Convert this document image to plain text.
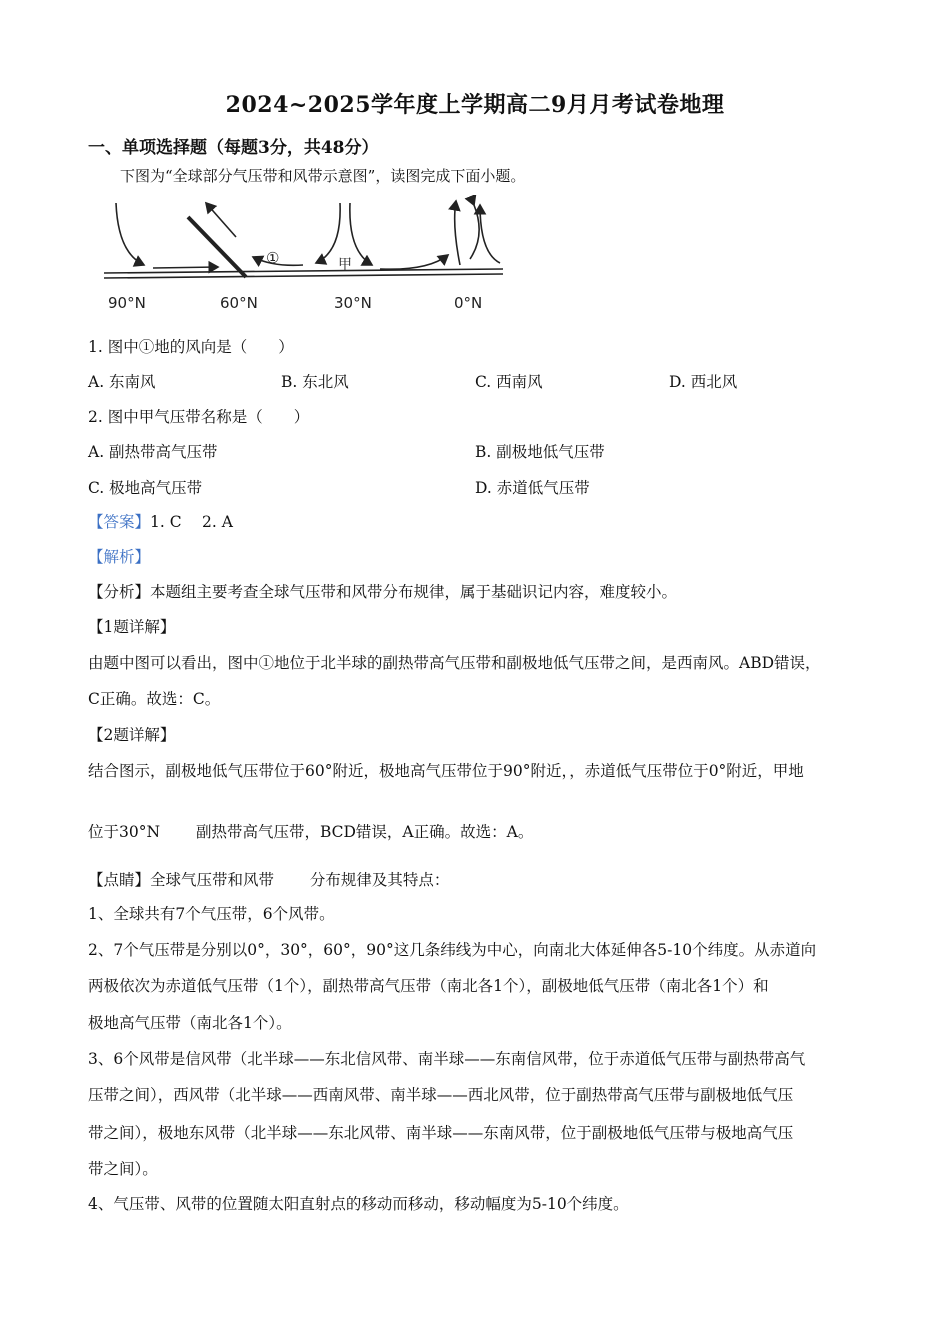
2024~2025学年度上学期高二9月月考试卷地理
一、单项选择题（每题3分，共48分）
下图为“全球部分气压带和风带示意图”，读图完成下面小题。
①	甲
90°N	60°N	30°N	0°N
1. 图中①地的风向是（　　）
A. 东南风	B. 东北风	C. 西南风	D. 西北风
2. 图中甲气压带名称是（　　）
A. 副热带高气压带	B. 副极地低气压带
C. 极地高气压带	D. 赤道低气压带
【答案】1. C　 2. A
【解析】
【分析】本题组主要考查全球气压带和风带分布规律，属于基础识记内容，难度较小。
【1题详解】
由题中图可以看出，图中①地位于北半球的副热带高气压带和副极地低气压带之间，是西南风。ABD错误，
C正确。故选：C。
【2题详解】
结合图示，副极地低气压带位于60°附近，极地高气压带位于90°附近，，赤道低气压带位于0°附近，甲地
位于30°N　　 副热带高气压带，BCD错误，A正确。故选：A。
【点睛】全球气压带和风带　　 分布规律及其特点：
1、全球共有7个气压带，6个风带。
2、7个气压带是分别以0°，30°，60°，90°这几条纬线为中心，向南北大体延伸各5-10个纬度。从赤道向
两极依次为赤道低气压带（1个），副热带高气压带（南北各1个），副极地低气压带（南北各1个）和
极地高气压带（南北各1个）。
3、6个风带是信风带（北半球——东北信风带、南半球——东南信风带，位于赤道低气压带与副热带高气
压带之间），西风带（北半球——西南风带、南半球——西北风带，位于副热带高气压带与副极地低气压
带之间），极地东风带（北半球——东北风带、南半球——东南风带，位于副极地低气压带与极地高气压
带之间）。
4、气压带、风带的位置随太阳直射点的移动而移动，移动幅度为5-10个纬度。
